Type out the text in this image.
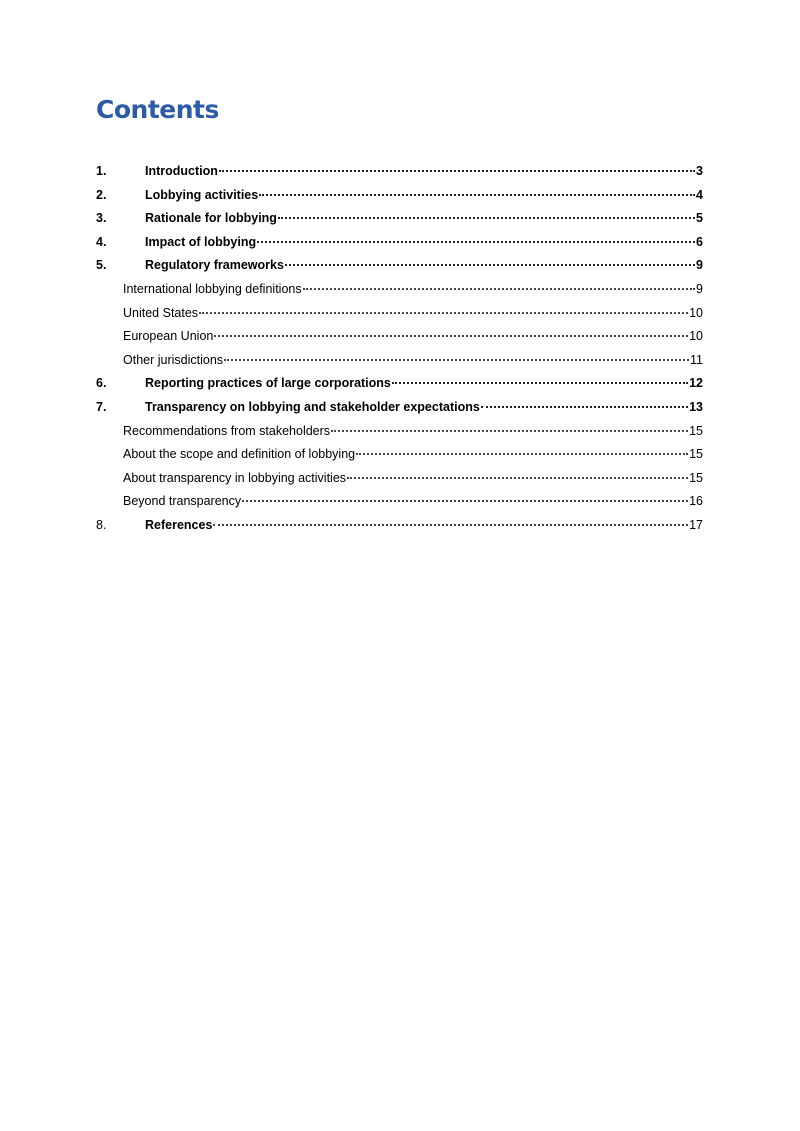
Contents
1.	Introduction	3
2.	Lobbying activities	4
3.	Rationale for lobbying	5
4.	Impact of lobbying	6
5.	Regulatory frameworks	9
International lobbying definitions	9
United States	10
European Union	10
Other jurisdictions	11
6.	Reporting practices of large corporations	12
7.	Transparency on lobbying and stakeholder expectations	13
Recommendations from stakeholders	15
About the scope and definition of lobbying	15
About transparency in lobbying activities	15
Beyond transparency	16
8.	References	17
